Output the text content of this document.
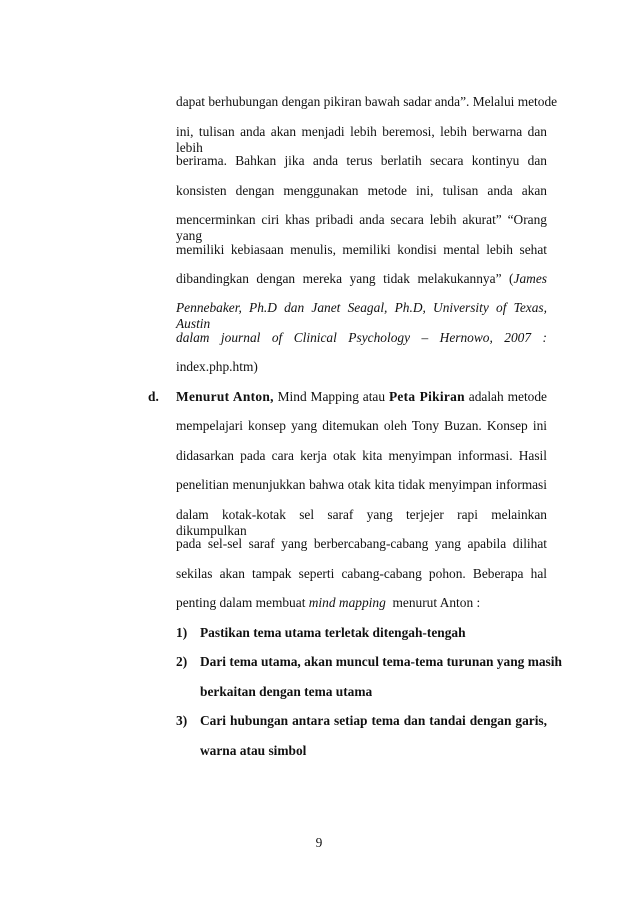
dapat berhubungan dengan pikiran bawah sadar anda”. Melalui metode
ini, tulisan anda akan menjadi lebih beremosi, lebih berwarna dan lebih
berirama. Bahkan jika anda terus berlatih secara kontinyu dan
konsisten dengan menggunakan metode ini, tulisan anda akan
mencerminkan ciri khas pribadi anda secara lebih akurat” “Orang yang
memiliki kebiasaan menulis, memiliki kondisi mental lebih sehat
dibandingkan dengan mereka yang tidak melakukannya” (James
Pennebaker, Ph.D dan Janet Seagal, Ph.D, University of Texas, Austin
dalam journal of Clinical Psychology – Hernowo, 2007 :
index.php.htm)
d. Menurut Anton, Mind Mapping atau Peta Pikiran adalah metode
mempelajari konsep yang ditemukan oleh Tony Buzan. Konsep ini
didasarkan pada cara kerja otak kita menyimpan informasi. Hasil
penelitian menunjukkan bahwa otak kita tidak menyimpan informasi
dalam kotak-kotak sel saraf yang terjejer rapi melainkan dikumpulkan
pada sel-sel saraf yang berbercabang-cabang yang apabila dilihat
sekilas akan tampak seperti cabang-cabang pohon. Beberapa hal
penting dalam membuat mind mapping  menurut Anton :
1) Pastikan tema utama terletak ditengah-tengah
2) Dari tema utama, akan muncul tema-tema turunan yang masih
berkaitan dengan tema utama
3) Cari hubungan antara setiap tema dan tandai dengan garis,
warna atau simbol
9
